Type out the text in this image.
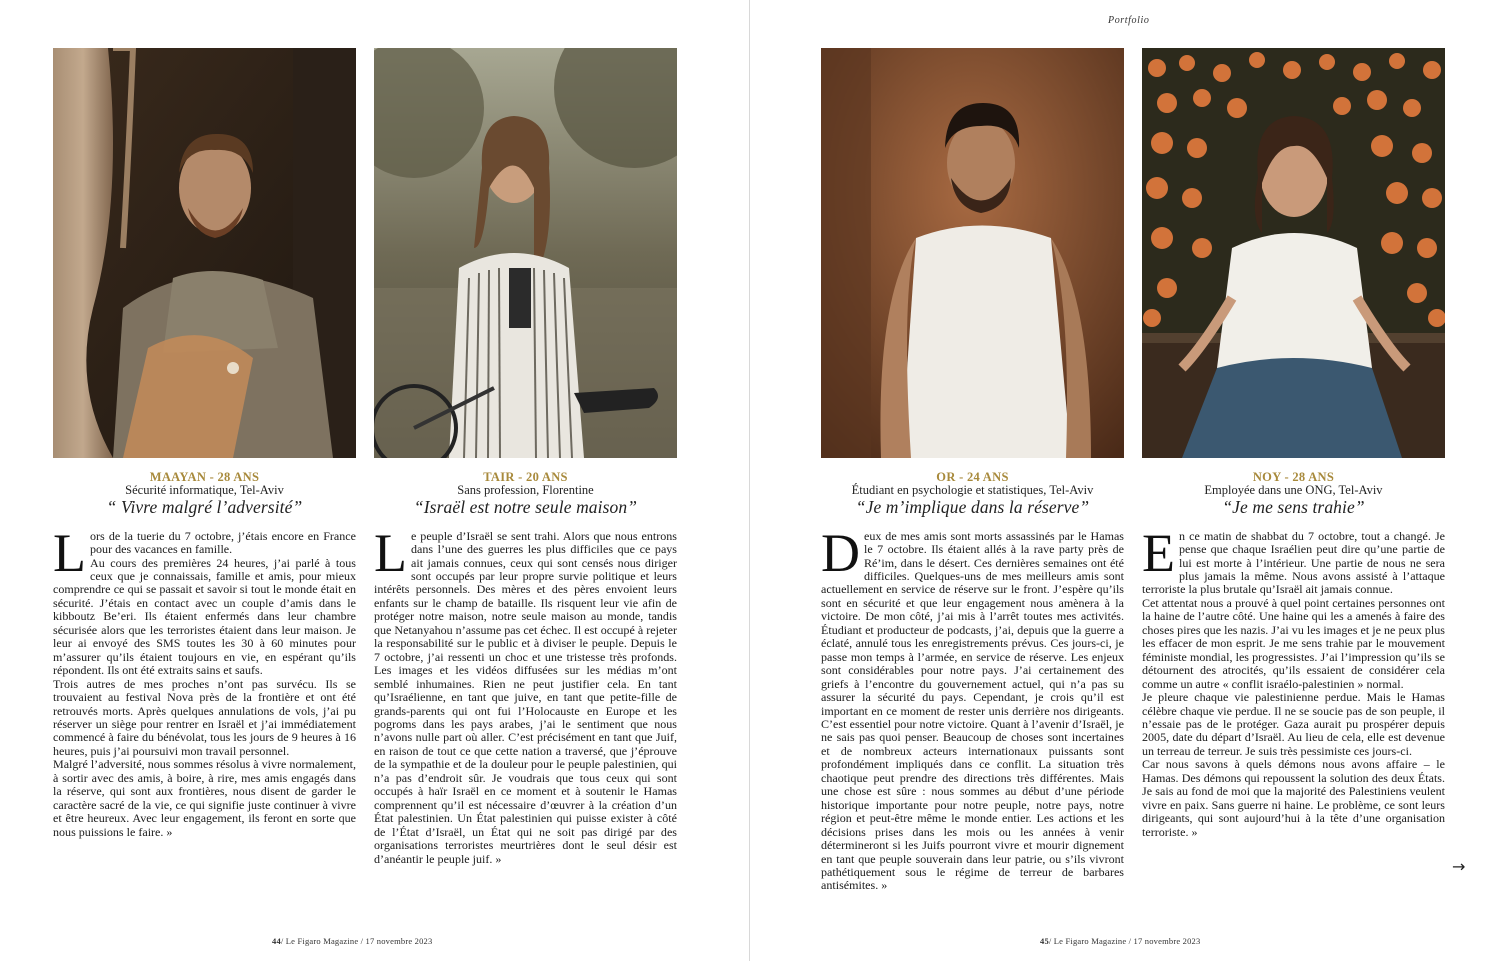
Portfolio
MAAYAN - 28 ANS
Sécurité informatique, Tel-Aviv
“ Vivre malgré l’adversité”
L ors de la tuerie du 7 octobre, j’étais encore en France pour des vacances en famille.

Au cours des premières 24 heures, j’ai parlé à tous ceux que je connaissais, famille et amis, pour mieux comprendre ce qui se passait et savoir si tout le monde était en sécurité. J’étais en contact avec un couple d’amis dans le kibboutz Be’eri. Ils étaient enfermés dans leur chambre sécurisée alors que les terroristes étaient dans leur maison. Je leur ai envoyé des SMS toutes les 30 à 60 minutes pour m’assurer qu’ils étaient toujours en vie, en espérant qu’ils répondent. Ils ont été extraits sains et saufs.

Trois autres de mes proches n’ont pas survécu. Ils se trouvaient au festival Nova près de la frontière et ont été retrouvés morts. Après quelques annulations de vols, j’ai pu réserver un siège pour rentrer en Israël et j’ai immédiatement commencé à faire du bénévolat, tous les jours de 9 heures à 16 heures, puis j’ai poursuivi mon travail personnel.

Malgré l’adversité, nous sommes résolus à vivre normalement, à sortir avec des amis, à boire, à rire, mes amis engagés dans la réserve, qui sont aux frontières, nous disent de garder le caractère sacré de la vie, ce qui signifie juste continuer à vivre et être heureux. Avec leur engagement, ils feront en sorte que nous puissions le faire. »

TAIR - 20 ANS
Sans profession, Florentine
“Israël est notre seule maison”
L e peuple d’Israël se sent trahi. Alors que nous entrons dans l’une des guerres les plus difficiles que ce pays ait jamais connues, ceux qui sont censés nous diriger sont occupés par leur propre survie politique et leurs intérêts personnels. Des mères et des pères envoient leurs enfants sur le champ de bataille. Ils risquent leur vie afin de protéger notre maison, notre seule maison au monde, tandis que Netanyahou n’assume pas cet échec. Il est occupé à rejeter la responsabilité sur le public et à diviser le peuple. Depuis le 7 octobre, j’ai ressenti un choc et une tristesse très profonds. Les images et les vidéos diffusées sur les médias m’ont semblé inhumaines. Rien ne peut justifier cela. En tant qu’Israélienne, en tant que juive, en tant que petite-fille de grands-parents qui ont fui l’Holocauste en Europe et les pogroms dans les pays arabes, j’ai le sentiment que nous n’avons nulle part où aller. C’est précisément en tant que Juif, en raison de tout ce que cette nation a traversé, que j’éprouve de la sympathie et de la douleur pour le peuple palestinien, qui n’a pas d’endroit sûr. Je voudrais que tous ceux qui sont occupés à haïr Israël en ce moment et à soutenir le Hamas comprennent qu’il est nécessaire d’œuvrer à la création d’un État palestinien. Un État palestinien qui puisse exister à côté de l’État d’Israël, un État qui ne soit pas dirigé par des organisations terroristes meurtrières dont le seul désir est d’anéantir le peuple juif. »

OR - 24 ANS
Étudiant en psychologie et statistiques, Tel-Aviv
“Je m’implique dans la réserve”
D eux de mes amis sont morts assassinés par le Hamas le 7 octobre. Ils étaient allés à la rave party près de Ré’im, dans le désert. Ces dernières semaines ont été difficiles. Quelques-uns de mes meilleurs amis sont actuellement en service de réserve sur le front. J’espère qu’ils sont en sécurité et que leur engagement nous amènera à la victoire. De mon côté, j’ai mis à l’arrêt toutes mes activités. Étudiant et producteur de podcasts, j’ai, depuis que la guerre a éclaté, annulé tous les enregistrements prévus. Ces jours-ci, je passe mon temps à l’armée, en service de réserve. Les enjeux sont considérables pour notre pays. J’ai certainement des griefs à l’encontre du gouvernement actuel, qui n’a pas su assurer la sécurité du pays. Cependant, je crois qu’il est important en ce moment de rester unis derrière nos dirigeants. C’est essentiel pour notre victoire. Quant à l’avenir d’Israël, je ne sais pas quoi penser. Beaucoup de choses sont incertaines et de nombreux acteurs internationaux puissants sont profondément impliqués dans ce conflit. La situation très chaotique peut prendre des directions très différentes. Mais une chose est sûre : nous sommes au début d’une période historique importante pour notre peuple, notre pays, notre région et peut-être même le monde entier. Les actions et les décisions prises dans les mois ou les années à venir détermineront si les Juifs pourront vivre et mourir dignement en tant que peuple souverain dans leur patrie, ou s’ils vivront pathétiquement sous le régime de terreur de barbares antisémites. »

NOY - 28 ANS
Employée dans une ONG, Tel-Aviv
“Je me sens trahie”
E n ce matin de shabbat du 7 octobre, tout a changé. Je pense que chaque Israélien peut dire qu’une partie de lui est morte à l’intérieur. Une partie de nous ne sera plus jamais la même. Nous avons assisté à l’attaque terroriste la plus brutale qu’Israël ait jamais connue.

Cet attentat nous a prouvé à quel point certaines personnes ont la haine de l’autre côté. Une haine qui les a amenés à faire des choses pires que les nazis. J’ai vu les images et je ne peux plus les effacer de mon esprit. Je me sens trahie par le mouvement féministe mondial, les progressistes. J’ai l’impression qu’ils se détournent des atrocités, qu’ils essaient de considérer cela comme un autre « conflit israélo-palestinien » normal.

Je pleure chaque vie palestinienne perdue. Mais le Hamas célèbre chaque vie perdue. Il ne se soucie pas de son peuple, il n’essaie pas de le protéger. Gaza aurait pu prospérer depuis 2005, date du départ d’Israël. Au lieu de cela, elle est devenue un terreau de terreur. Je suis très pessimiste ces jours-ci.

Car nous savons à quels démons nous avons affaire – le Hamas. Des démons qui repoussent la solution des deux États. Je sais au fond de moi que la majorité des Palestiniens veulent vivre en paix. Sans guerre ni haine. Le problème, ce sont leurs dirigeants, qui sont aujourd’hui à la tête d’une organisation terroriste. »

→
44/ Le Figaro Magazine / 17 novembre 2023	45/ Le Figaro Magazine / 17 novembre 2023
